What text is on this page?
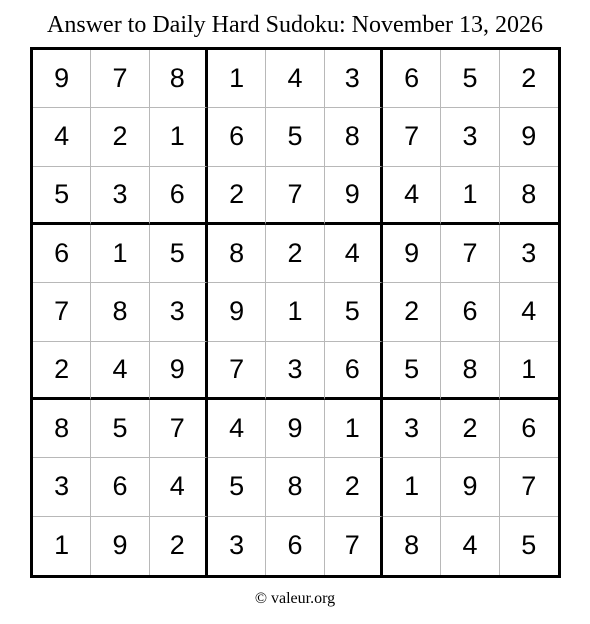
Answer to Daily Hard Sudoku: November 13, 2026
9	7	8	1	4	3	6	5	2
4	2	1	6	5	8	7	3	9
5	3	6	2	7	9	4	1	8
6	1	5	8	2	4	9	7	3
7	8	3	9	1	5	2	6	4
2	4	9	7	3	6	5	8	1
8	5	7	4	9	1	3	2	6
3	6	4	5	8	2	1	9	7
1	9	2	3	6	7	8	4	5
© valeur.org
